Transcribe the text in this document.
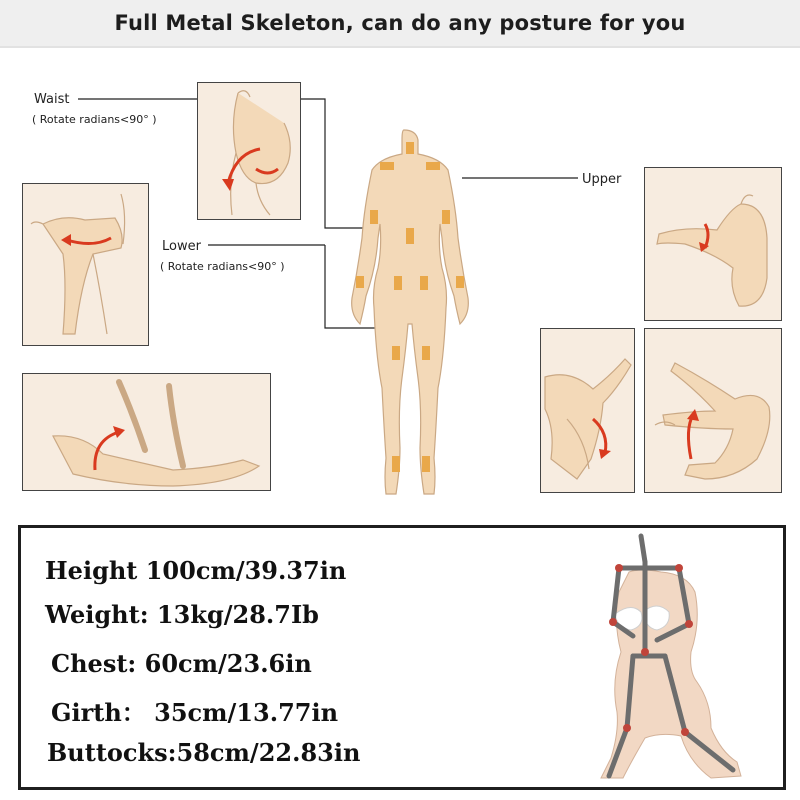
Full Metal Skeleton, can do any posture for you
Waist
( Rotate radians<90° )
Lower
( Rotate radians<90° )
Upper
Height 100cm/39.37in
Weight: 13kg/28.7Ib
Chest: 60cm/23.6in
Girth： 35cm/13.77in
Buttocks:58cm/22.83in
